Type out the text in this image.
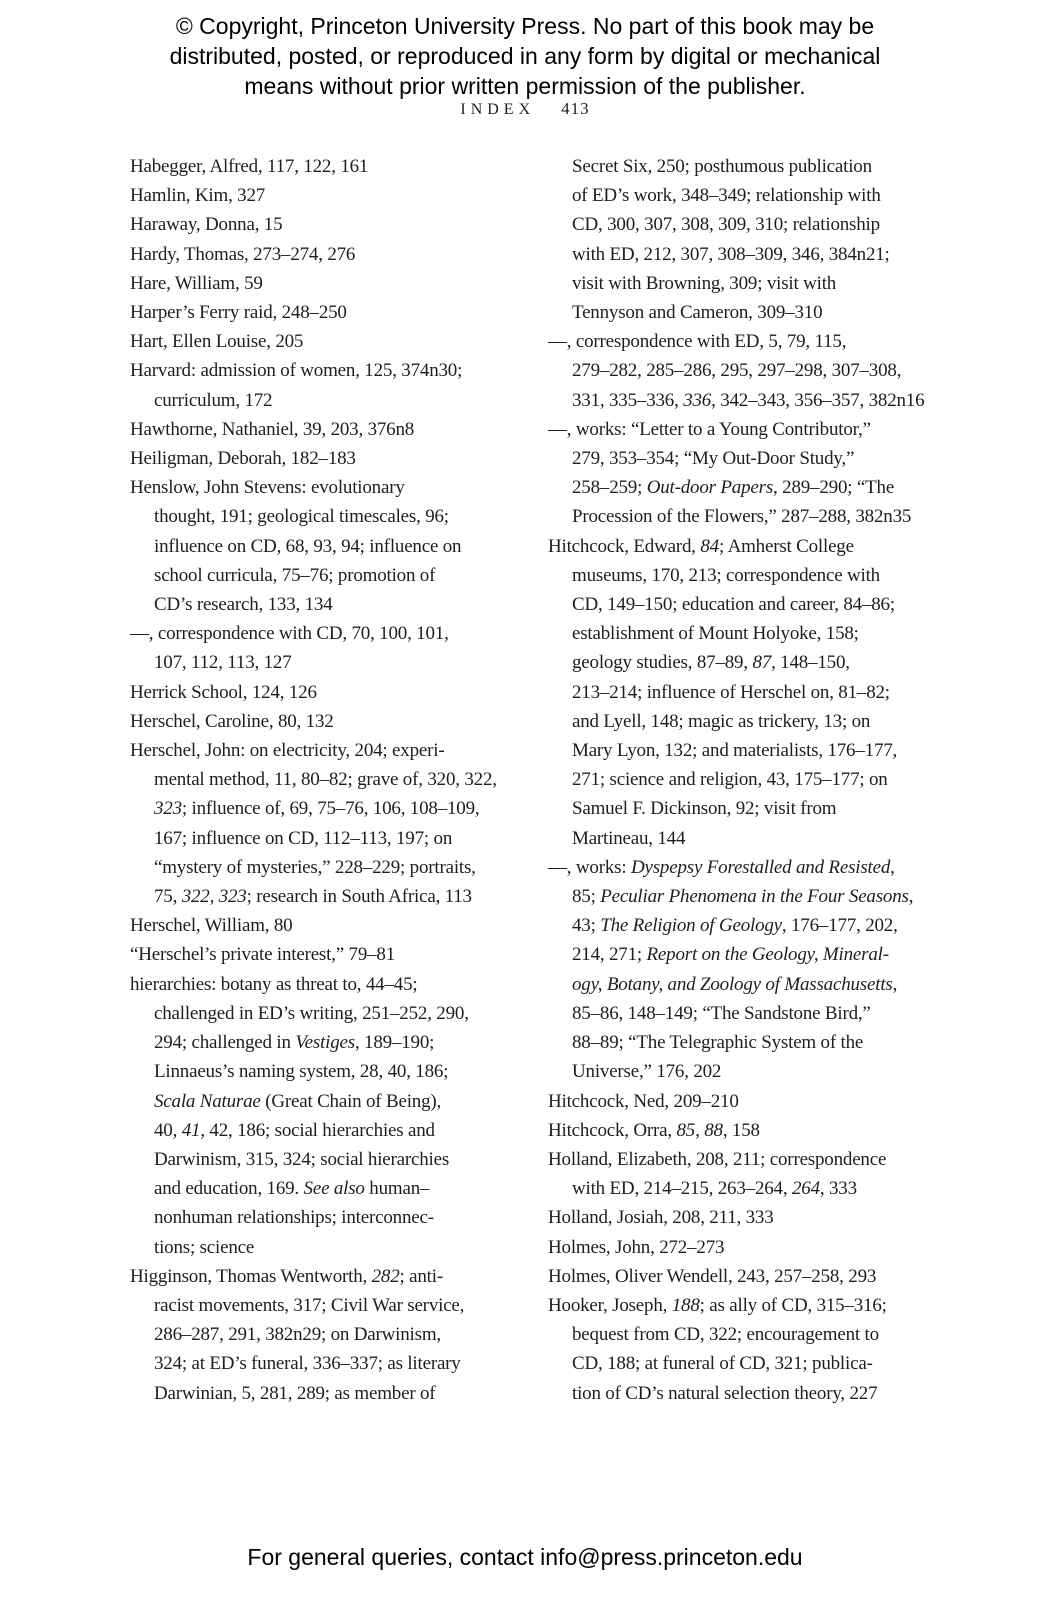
© Copyright, Princeton University Press. No part of this book may be
distributed, posted, or reproduced in any form by digital or mechanical
means without prior written permission of the publisher.
INDEX 413
Habegger, Alfred, 117, 122, 161
Hamlin, Kim, 327
Haraway, Donna, 15
Hardy, Thomas, 273–274, 276
Hare, William, 59
Harper’s Ferry raid, 248–250
Hart, Ellen Louise, 205
Harvard: admission of women, 125, 374n30;
curriculum, 172
Hawthorne, Nathaniel, 39, 203, 376n8
Heiligman, Deborah, 182–183
Henslow, John Stevens: evolutionary
thought, 191; geological timescales, 96;
influence on CD, 68, 93, 94; influence on
school curricula, 75–76; promotion of
CD’s research, 133, 134
—, correspondence with CD, 70, 100, 101,
107, 112, 113, 127
Herrick School, 124, 126
Herschel, Caroline, 80, 132
Herschel, John: on electricity, 204; experi-
mental method, 11, 80–82; grave of, 320, 322,
323; influence of, 69, 75–76, 106, 108–109,
167; influence on CD, 112–113, 197; on
“mystery of mysteries,” 228–229; portraits,
75, 322, 323; research in South Africa, 113
Herschel, William, 80
“Herschel’s private interest,” 79–81
hierarchies: botany as threat to, 44–45;
challenged in ED’s writing, 251–252, 290,
294; challenged in Vestiges, 189–190;
Linnaeus’s naming system, 28, 40, 186;
Scala Naturae (Great Chain of Being),
40, 41, 42, 186; social hierarchies and
Darwinism, 315, 324; social hierarchies
and education, 169. See also human–
nonhuman relationships; interconnec-
tions; science
Higginson, Thomas Wentworth, 282; anti-
racist movements, 317; Civil War service,
286–287, 291, 382n29; on Darwinism,
324; at ED’s funeral, 336–337; as literary
Darwinian, 5, 281, 289; as member of
Secret Six, 250; posthumous publication
of ED’s work, 348–349; relationship with
CD, 300, 307, 308, 309, 310; relationship
with ED, 212, 307, 308–309, 346, 384n21;
visit with Browning, 309; visit with
Tennyson and Cameron, 309–310
—, correspondence with ED, 5, 79, 115,
279–282, 285–286, 295, 297–298, 307–308,
331, 335–336, 336, 342–343, 356–357, 382n16
—, works: “Letter to a Young Contributor,”
279, 353–354; “My Out-Door Study,”
258–259; Out-door Papers, 289–290; “The
Procession of the Flowers,” 287–288, 382n35
Hitchcock, Edward, 84; Amherst College
museums, 170, 213; correspondence with
CD, 149–150; education and career, 84–86;
establishment of Mount Holyoke, 158;
geology studies, 87–89, 87, 148–150,
213–214; influence of Herschel on, 81–82;
and Lyell, 148; magic as trickery, 13; on
Mary Lyon, 132; and materialists, 176–177,
271; science and religion, 43, 175–177; on
Samuel F. Dickinson, 92; visit from
Martineau, 144
—, works: Dyspepsy Forestalled and Resisted,
85; Peculiar Phenomena in the Four Seasons,
43; The Religion of Geology, 176–177, 202,
214, 271; Report on the Geology, Mineral-
ogy, Botany, and Zoology of Massachusetts,
85–86, 148–149; “The Sandstone Bird,”
88–89; “The Telegraphic System of the
Universe,” 176, 202
Hitchcock, Ned, 209–210
Hitchcock, Orra, 85, 88, 158
Holland, Elizabeth, 208, 211; correspondence
with ED, 214–215, 263–264, 264, 333
Holland, Josiah, 208, 211, 333
Holmes, John, 272–273
Holmes, Oliver Wendell, 243, 257–258, 293
Hooker, Joseph, 188; as ally of CD, 315–316;
bequest from CD, 322; encouragement to
CD, 188; at funeral of CD, 321; publica-
tion of CD’s natural selection theory, 227
For general queries, contact info@press.princeton.edu
